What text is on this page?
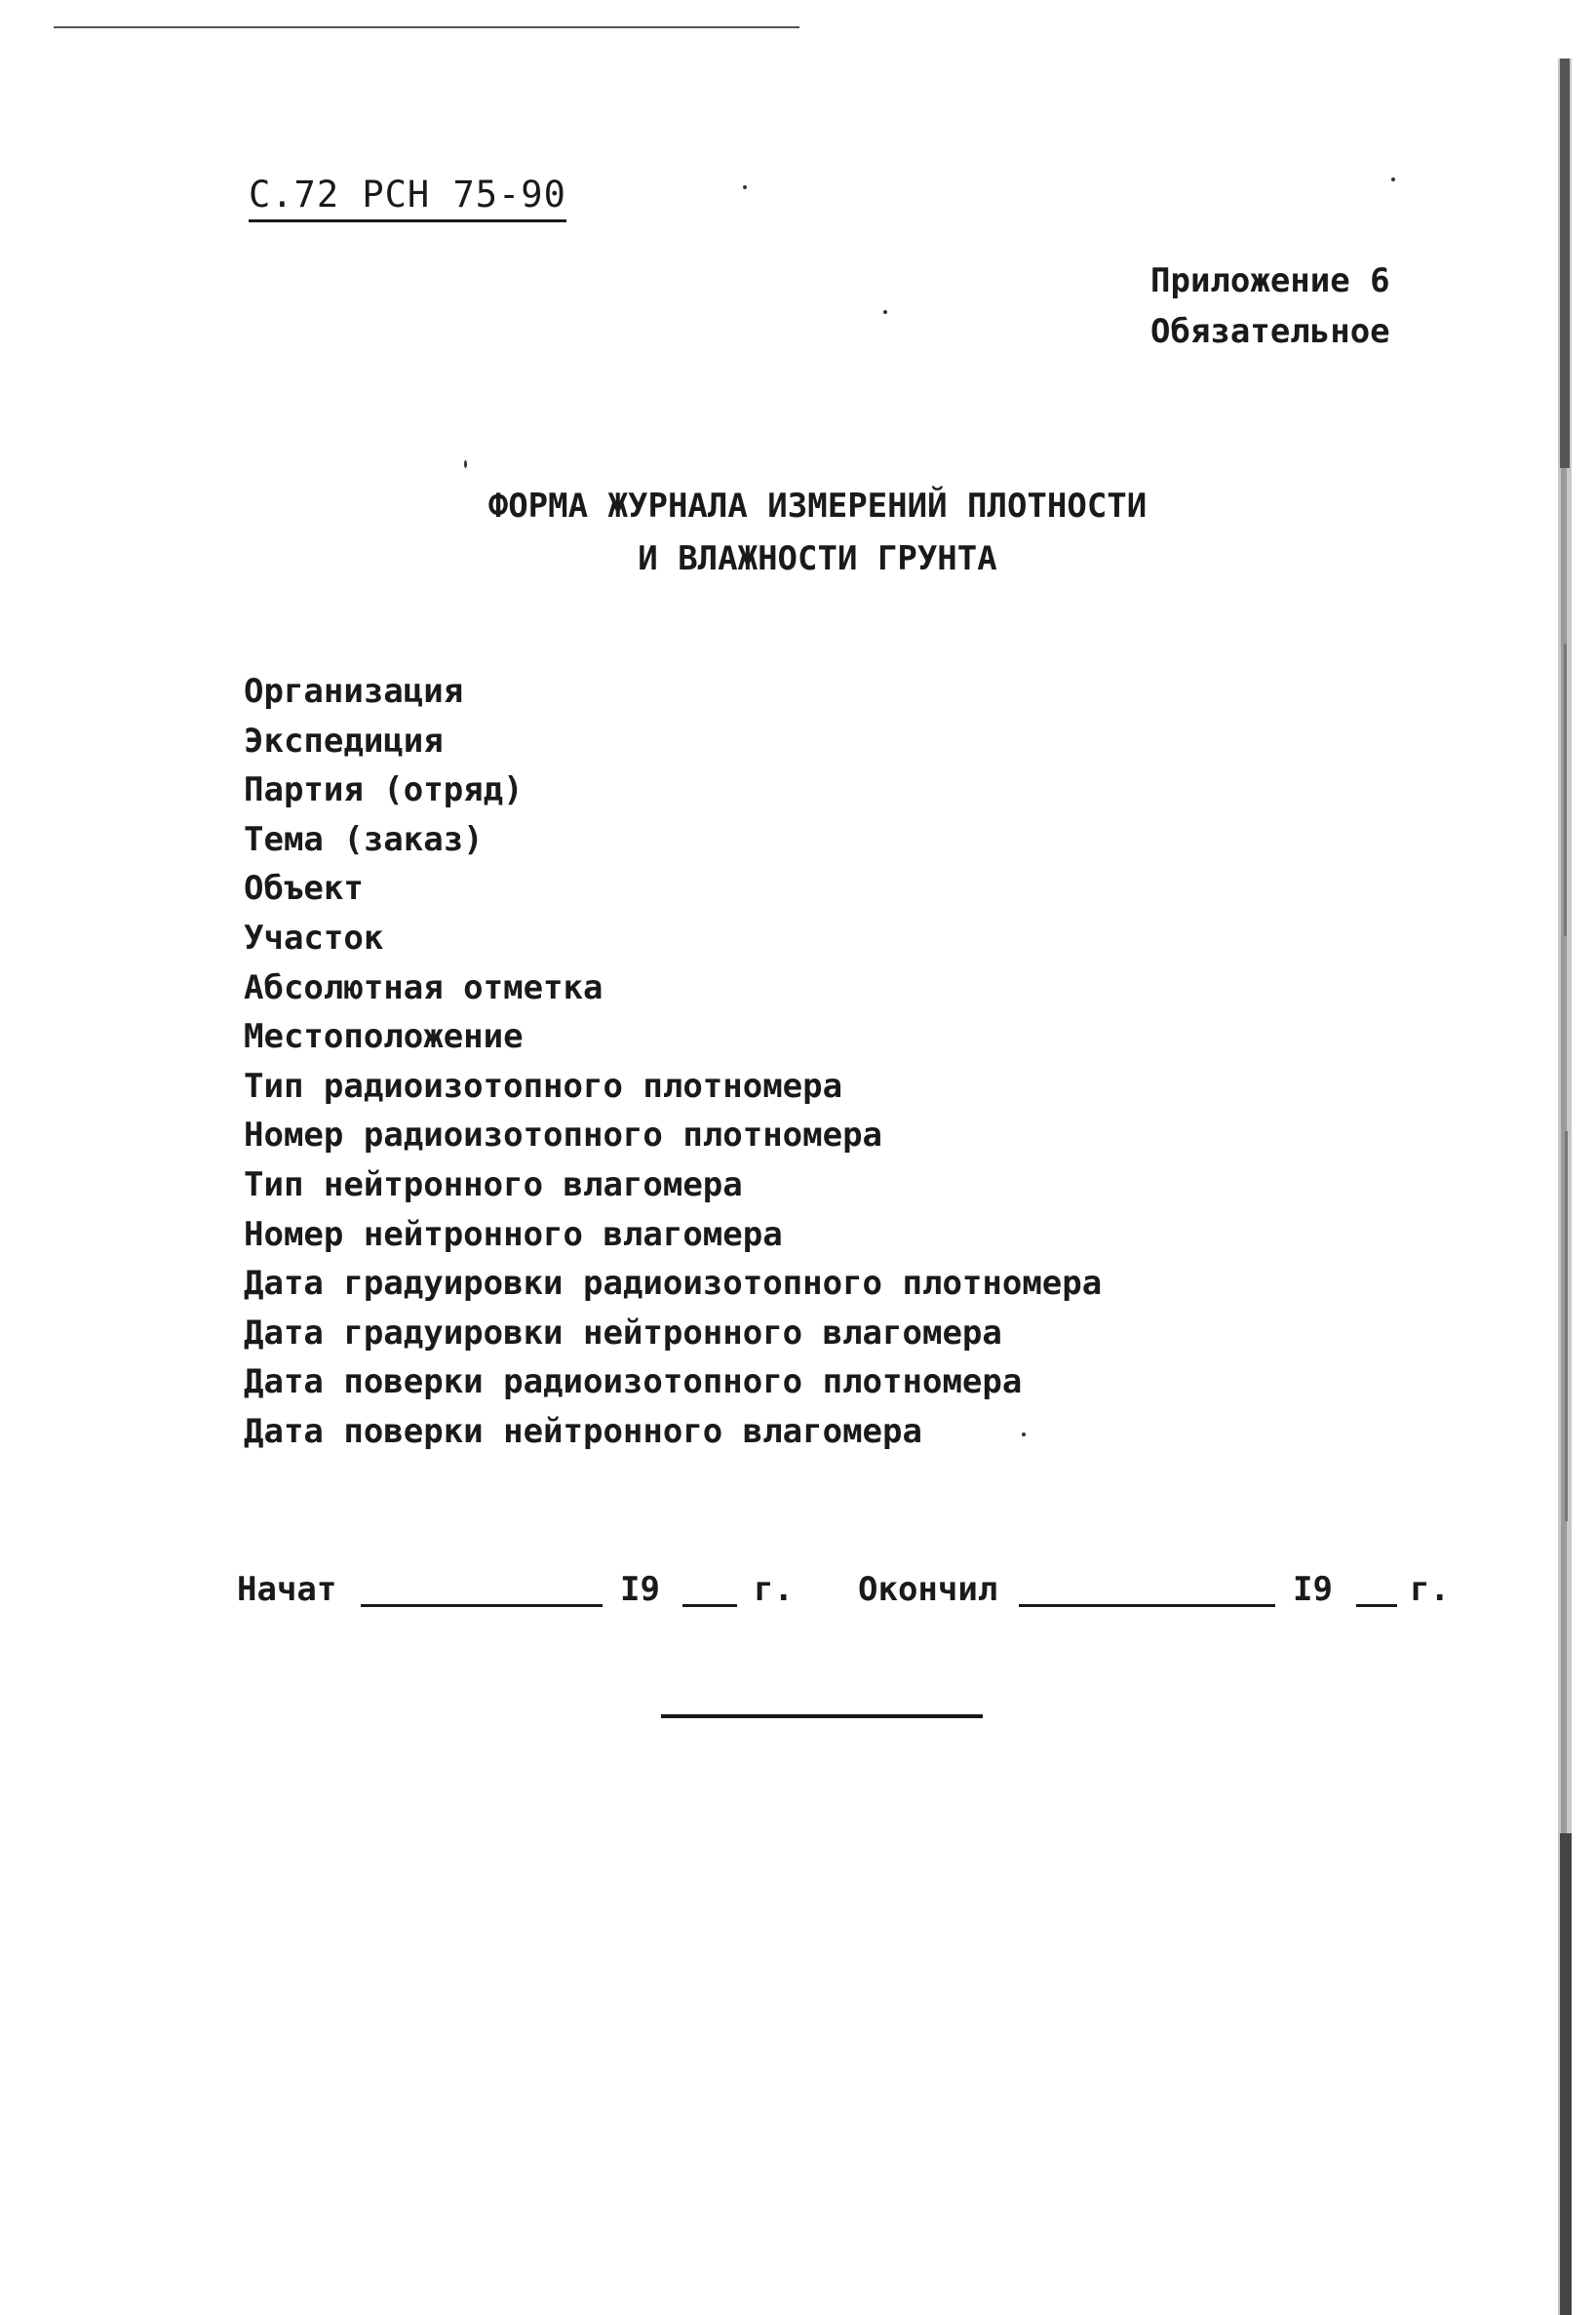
С.72 РСН 75-90
Приложение 6
Обязательное
ФОРМА ЖУРНАЛА ИЗМЕРЕНИЙ ПЛОТНОСТИ
И ВЛАЖНОСТИ ГРУНТА
Организация
Экспедиция
Партия (отряд)
Тема (заказ)
Объект
Участок
Абсолютная отметка
Местоположение
Тип радиоизотопного плотномера
Номер радиоизотопного плотномера
Тип нейтронного влагомера
Номер нейтронного влагомера
Дата градуировки радиоизотопного плотномера
Дата градуировки нейтронного влагомера
Дата поверки радиоизотопного плотномера
Дата поверки нейтронного влагомера
Начат	I9	г. Окончил	I9 г.
